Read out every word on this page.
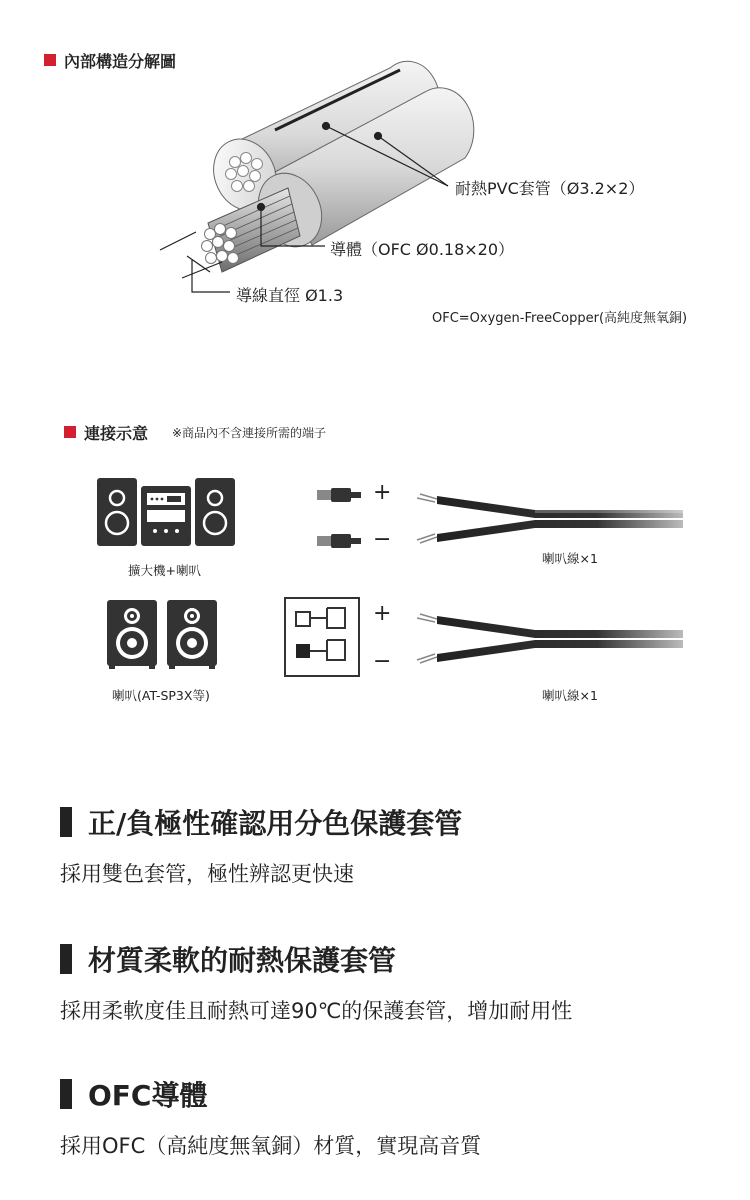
內部構造分解圖
耐熱PVC套管（Ø3.2×2）
導體（OFC Ø0.18×20）
導線直徑 Ø1.3
OFC=Oxygen-FreeCopper(高純度無氧銅)
連接示意 ※商品內不含連接所需的端子
擴大機+喇叭
喇叭(AT-SP3X等)
+
−
+
−
喇叭線×1
喇叭線×1
正/負極性確認用分色保護套管
採用雙色套管，極性辨認更快速
材質柔軟的耐熱保護套管
採用柔軟度佳且耐熱可達90℃的保護套管，增加耐用性
OFC導體
採用OFC（高純度無氧銅）材質，實現高音質
